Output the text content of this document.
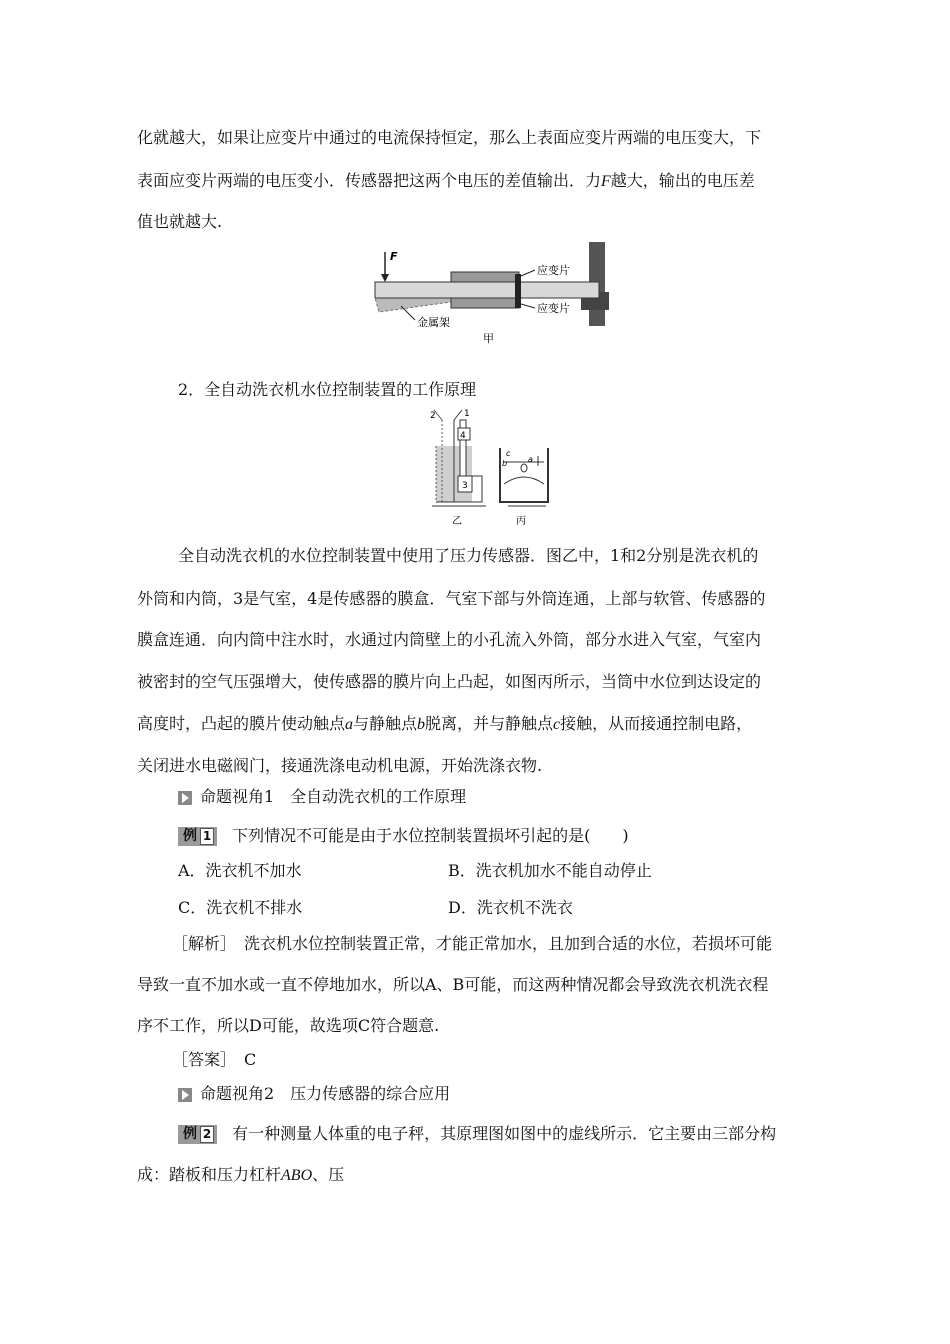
化就越大，如果让应变片中通过的电流保持恒定，那么上表面应变片两端的电压变大，下
表面应变片两端的电压变小．传感器把这两个电压的差值输出．力F越大，输出的电压差
值也就越大.
F
应变片
应变片
金属架
甲
2．全自动洗衣机水位控制装置的工作原理
4
3
2	1
乙
c
b	a
丙
全自动洗衣机的水位控制装置中使用了压力传感器．图乙中，1和2分别是洗衣机的
外筒和内筒，3是气室，4是传感器的膜盒．气室下部与外筒连通，上部与软管、传感器的
膜盒连通．向内筒中注水时，水通过内筒壁上的小孔流入外筒，部分水进入气室，气室内
被密封的空气压强增大，使传感器的膜片向上凸起，如图丙所示，当筒中水位到达设定的
高度时，凸起的膜片使动触点a与静触点b脱离，并与静触点c接触，从而接通控制电路，
关闭进水电磁阀门，接通洗涤电动机电源，开始洗涤衣物.
命题视角1　全自动洗衣机的工作原理
例 1 下列情况不可能是由于水位控制装置损坏引起的是(　　)
A．洗衣机不加水	B．洗衣机加水不能自动停止
C．洗衣机不排水	D．洗衣机不洗衣
［解析］　洗衣机水位控制装置正常，才能正常加水，且加到合适的水位，若损坏可能
导致一直不加水或一直不停地加水，所以A、B可能，而这两种情况都会导致洗衣机洗衣程
序不工作，所以D可能，故选项C符合题意.
［答案］　C
命题视角2　压力传感器的综合应用
例 2 有一种测量人体重的电子秤，其原理图如图中的虚线所示．它主要由三部分构
成：踏板和压力杠杆ABO、压
